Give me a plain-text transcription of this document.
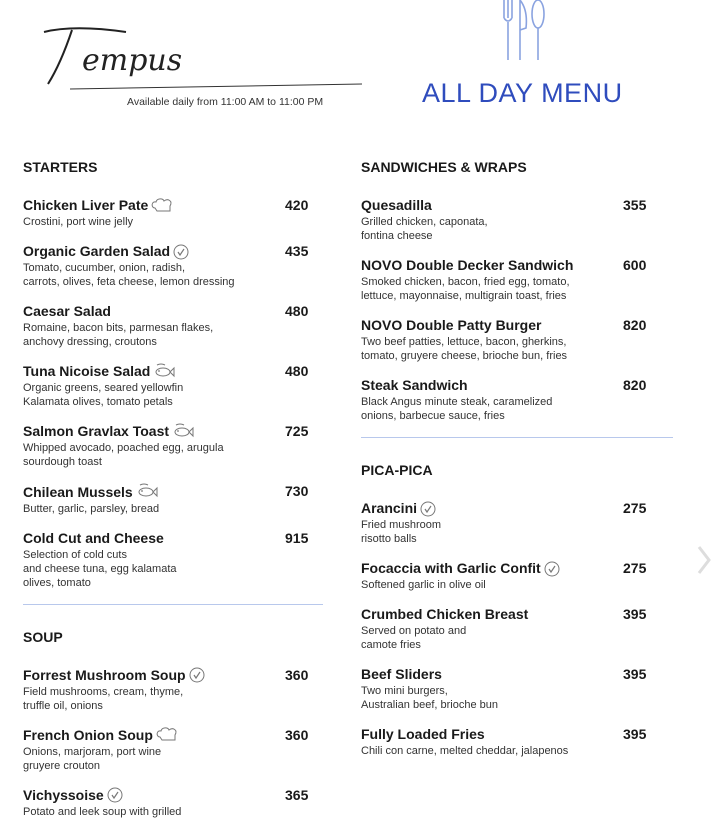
empus
Available daily from 11:00 AM to 11:00 PM	ALL DAY MENU
STARTERS
Chicken Liver Pate
Crostini, port wine jelly
420
Organic Garden Salad
Tomato, cucumber, onion, radish,
carrots, olives, feta cheese, lemon dressing
435
Caesar Salad
Romaine, bacon bits, parmesan flakes,
anchovy dressing, croutons
480
Tuna Nicoise Salad
Organic greens, seared yellowfin
Kalamata olives, tomato petals
480
Salmon Gravlax Toast
Whipped avocado, poached egg, arugula
sourdough toast
725
Chilean Mussels
Butter, garlic, parsley, bread
730
Cold Cut and Cheese
Selection of cold cuts
and cheese tuna, egg kalamata
olives, tomato
915
SOUP
Forrest Mushroom Soup
Field mushrooms, cream, thyme,
truffle oil, onions
360
French Onion Soup
Onions, marjoram, port wine
gruyere crouton
360
Vichyssoise
Potato and leek soup with grilled
365
SANDWICHES & WRAPS
Quesadilla
Grilled chicken, caponata,
fontina cheese
355
NOVO Double Decker Sandwich
Smoked chicken, bacon, fried egg, tomato,
lettuce, mayonnaise, multigrain toast, fries
600
NOVO Double Patty Burger
Two beef patties, lettuce, bacon, gherkins,
tomato, gruyere cheese, brioche bun, fries
820
Steak Sandwich
Black Angus minute steak, caramelized
onions, barbecue sauce, fries
820
PICA-PICA
Arancini
Fried mushroom
risotto balls
275
Focaccia with Garlic Confit
Softened garlic in olive oil
275
Crumbed Chicken Breast
Served on potato and
camote fries
395
Beef Sliders
Two mini burgers,
Australian beef, brioche bun
395
Fully Loaded Fries
Chili con carne, melted cheddar, jalapenos
395
